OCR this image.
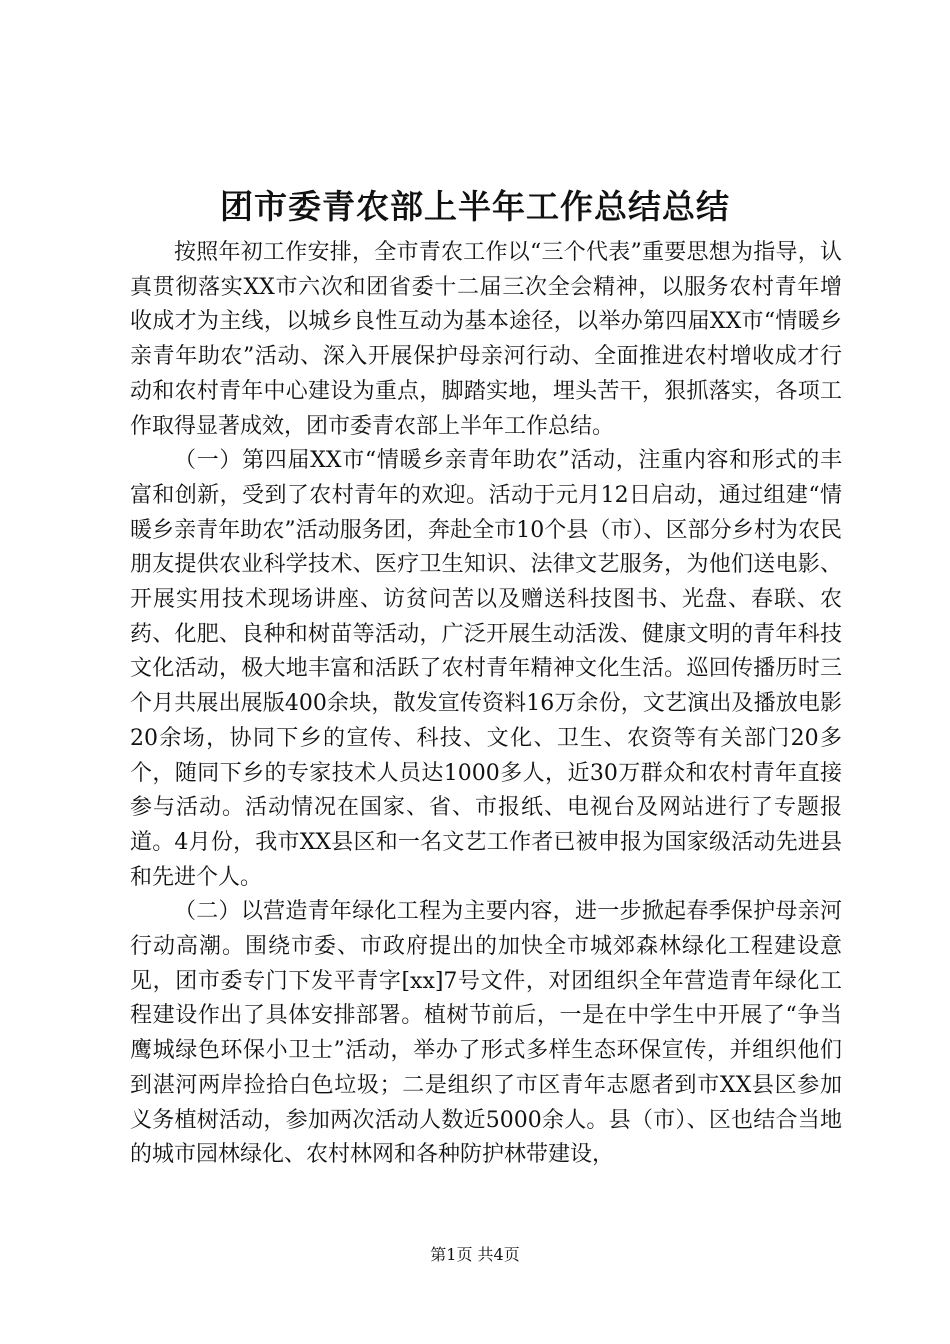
团市委青农部上半年工作总结总结

按照年初工作安排，全市青农工作以“三个代表”重要思想为指导，认真贯彻落实XX市六次和团省委十二届三次全会精神，以服务农村青年增收成才为主线，以城乡良性互动为基本途径，以举办第四届XX市“情暖乡亲青年助农”活动、深入开展保护母亲河行动、全面推进农村增收成才行动和农村青年中心建设为重点，脚踏实地，埋头苦干，狠抓落实，各项工作取得显著成效，团市委青农部上半年工作总结。

（一）第四届XX市“情暖乡亲青年助农”活动，注重内容和形式的丰富和创新，受到了农村青年的欢迎。活动于元月12日启动，通过组建“情暖乡亲青年助农”活动服务团，奔赴全市10个县（市）、区部分乡村为农民朋友提供农业科学技术、医疗卫生知识、法律文艺服务，为他们送电影、开展实用技术现场讲座、访贫问苦以及赠送科技图书、光盘、春联、农药、化肥、良种和树苗等活动，广泛开展生动活泼、健康文明的青年科技文化活动，极大地丰富和活跃了农村青年精神文化生活。巡回传播历时三个月共展出展版400余块，散发宣传资料16万余份，文艺演出及播放电影20余场，协同下乡的宣传、科技、文化、卫生、农资等有关部门20多个，随同下乡的专家技术人员达1000多人，近30万群众和农村青年直接参与活动。活动情况在国家、省、市报纸、电视台及网站进行了专题报道。4月份，我市XX县区和一名文艺工作者已被申报为国家级活动先进县和先进个人。

（二）以营造青年绿化工程为主要内容，进一步掀起春季保护母亲河行动高潮。围绕市委、市政府提出的加快全市城郊森林绿化工程建设意见，团市委专门下发平青字[xx]7号文件，对团组织全年营造青年绿化工程建设作出了具体安排部署。植树节前后，一是在中学生中开展了“争当鹰城绿色环保小卫士”活动，举办了形式多样生态环保宣传，并组织他们到湛河两岸捡拾白色垃圾；二是组织了市区青年志愿者到市XX县区参加义务植树活动，参加两次活动人数近5000余人。县（市）、区也结合当地的城市园林绿化、农村林网和各种防护林带建设，

第1页 共4页
